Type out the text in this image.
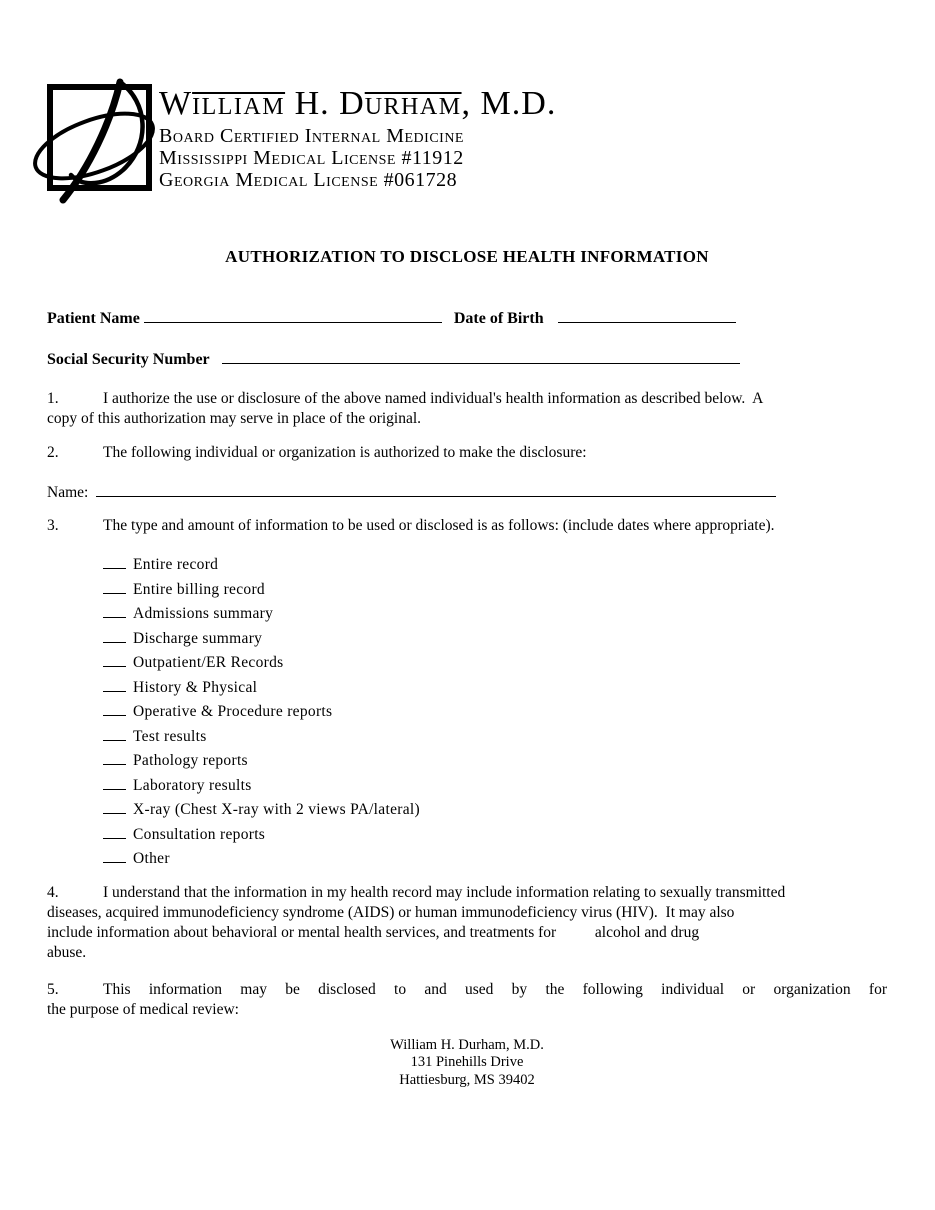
WILLIAM H. DURHAM, M.D.
Board Certified Internal Medicine
Mississippi Medical License #11912
Georgia Medical License #061728
AUTHORIZATION TO DISCLOSE HEALTH INFORMATION
Patient Name	Date of Birth
Social Security Number
1.	I authorize the use or disclosure of the above named individual's health information as described below.  A
copy of this authorization may serve in place of the original.
2.	The following individual or organization is authorized to make the disclosure:
Name:
3.	The type and amount of information to be used or disclosed is as follows: (include dates where appropriate).
Entire record
Entire billing record
Admissions summary
Discharge summary
Outpatient/ER Records
History & Physical
Operative & Procedure reports
Test results
Pathology reports
Laboratory results
X-ray (Chest X-ray with 2 views PA/lateral)
Consultation reports
Other
4.	I understand that the information in my health record may include information relating to sexually transmitted
diseases, acquired immunodeficiency syndrome (AIDS) or human immunodeficiency virus (HIV).  It may also
include information about behavioral or mental health services, and treatments for          alcohol and drug
abuse.
5.	This information may be disclosed to and used by the following individual or organization for
the purpose of medical review:
William H. Durham, M.D.
131 Pinehills Drive
Hattiesburg, MS 39402
